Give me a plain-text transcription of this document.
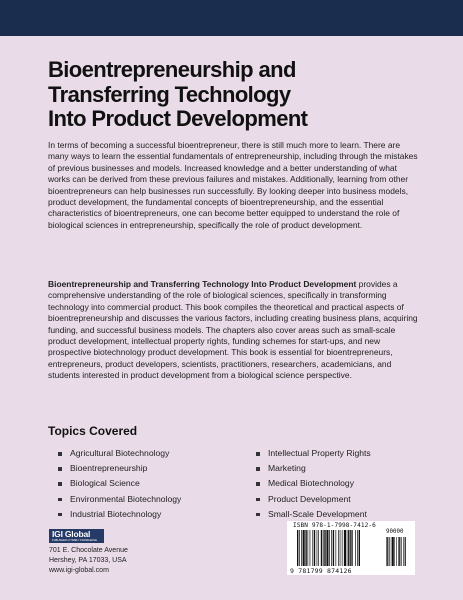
Bioentrepreneurship and
Transferring Technology
Into Product Development

In terms of becoming a successful bioentrepreneur, there is still much more to learn. There are many ways to learn the essential fundamentals of entrepreneurship, including through the mistakes of previous businesses and models. Increased knowledge and a better understanding of what works can be derived from these previous failures and mistakes. Additionally, learning from other bioentrepreneurs can help businesses run successfully. By looking deeper into business models, product development, the fundamental concepts of bioentrepreneurship, and the essential characteristics of bioentrepreneurs, one can become better equipped to understand the role of biological sciences in entrepreneurship, specifically the role of product development.

Bioentrepreneurship and Transferring Technology Into Product Development provides a comprehensive understanding of the role of biological sciences, specifically in transforming technology into commercial product. This book compiles the theoretical and practical aspects of bioentrepreneurship and discusses the various factors, including creating business plans, acquiring funding, and successful business models. The chapters also cover areas such as small-scale product development, intellectual property rights, funding schemes for start-ups, and new prospective biotechnology product development. This book is essential for bioentrepreneurs, entrepreneurs, product developers, scientists, practitioners, researchers, academicians, and students interested in product development from a biological science perspective.

Topics Covered
Agricultural Biotechnology
Bioentrepreneurship
Biological Science
Environmental Biotechnology
Industrial Biotechnology
Intellectual Property Rights
Marketing
Medical Biotechnology
Product Development
Small-Scale Development
IGI Global
PUBLISHER of TIMELY KNOWLEDGE
701 E. Chocolate Avenue
Hershey, PA 17033, USA
www.igi-global.com
ISBN 978-1-7998-7412-6
90000
9 781799 874126
